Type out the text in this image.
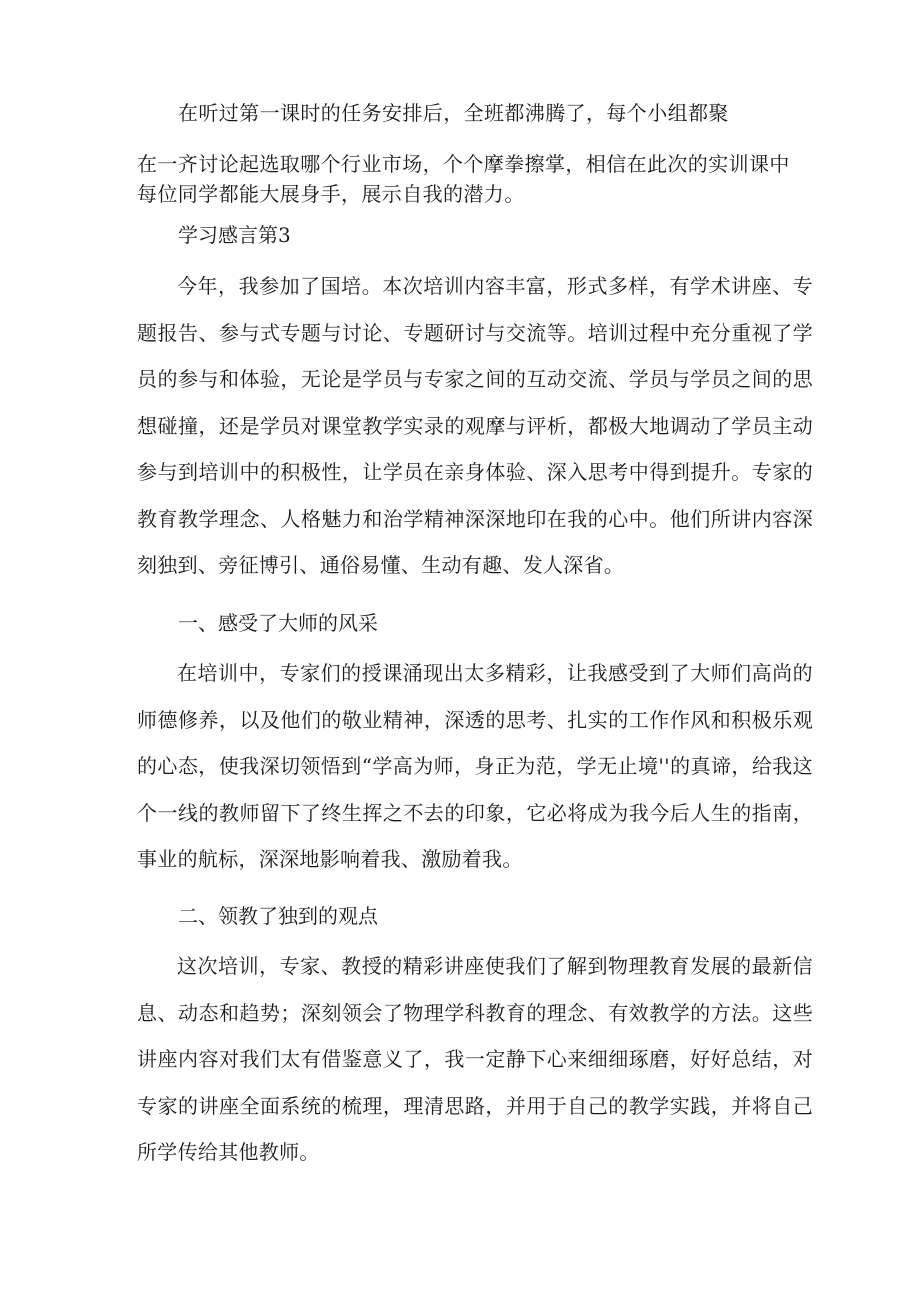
在听过第一课时的任务安排后，全班都沸腾了，每个小组都聚
在一齐讨论起选取哪个行业市场，个个摩拳擦掌，相信在此次的实训课中
每位同学都能大展身手，展示自我的潜力。
学习感言第3

今年，我参加了国培。本次培训内容丰富，形式多样，有学术讲座、专题报告、参与式专题与讨论、专题研讨与交流等。培训过程中充分重视了学员的参与和体验，无论是学员与专家之间的互动交流、学员与学员之间的思想碰撞，还是学员对课堂教学实录的观摩与评析，都极大地调动了学员主动参与到培训中的积极性，让学员在亲身体验、深入思考中得到提升。专家的教育教学理念、人格魅力和治学精神深深地印在我的心中。他们所讲内容深刻独到、旁征博引、通俗易懂、生动有趣、发人深省。

一、感受了大师的风采

在培训中，专家们的授课涌现出太多精彩，让我感受到了大师们高尚的师德修养，以及他们的敬业精神，深透的思考、扎实的工作作风和积极乐观的心态，使我深切领悟到“学高为师，身正为范，学无止境''的真谛，给我这个一线的教师留下了终生挥之不去的印象，它必将成为我今后人生的指南，事业的航标，深深地影响着我、激励着我。

二、领教了独到的观点

这次培训，专家、教授的精彩讲座使我们了解到物理教育发展的最新信息、动态和趋势；深刻领会了物理学科教育的理念、有效教学的方法。这些讲座内容对我们太有借鉴意义了，我一定静下心来细细琢磨，好好总结，对专家的讲座全面系统的梳理，理清思路，并用于自己的教学实践，并将自己所学传给其他教师。
